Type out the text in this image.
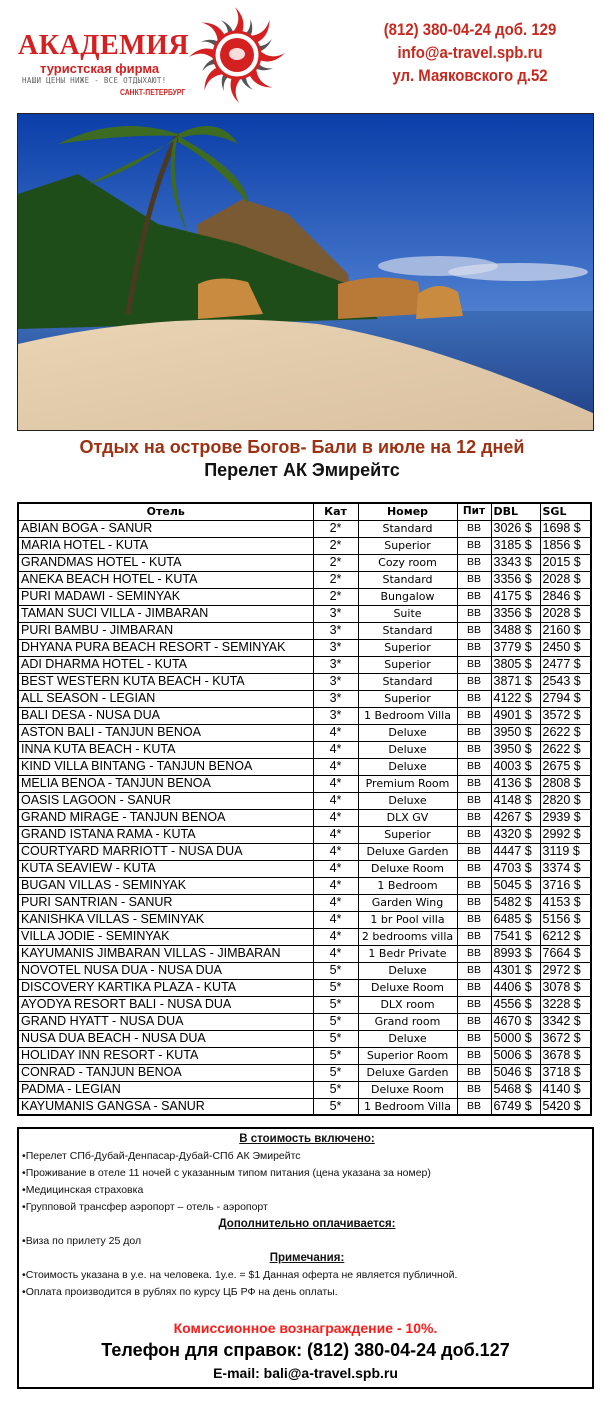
АКАДЕМИЯ
туристская фирма
НАШИ ЦЕНЫ НИЖЕ - ВСЕ ОТДЫХАЮТ!
САНКТ-ПЕТЕРБУРГ
(812) 380-04-24 доб. 129
info@a-travel.spb.ru
ул. Маяковского д.52
Отдых на острове Богов- Бали в июле на 12 дней
Перелет АК Эмирейтс
Отель	Кат	Номер	Пит	DBL	SGL
ABIAN BOGA - SANUR	2*	Standard	BB	3026 $	1698 $
MARIA HOTEL - KUTA	2*	Superior	BB	3185 $	1856 $
GRANDMAS HOTEL - KUTA	2*	Cozy room	BB	3343 $	2015 $
ANEKA BEACH HOTEL - KUTA	2*	Standard	BB	3356 $	2028 $
PURI MADAWI - SEMINYAK	2*	Bungalow	BB	4175 $	2846 $
TAMAN SUCI VILLA - JIMBARAN	3*	Suite	BB	3356 $	2028 $
PURI BAMBU - JIMBARAN	3*	Standard	BB	3488 $	2160 $
DHYANA PURA BEACH RESORT - SEMINYAK	3*	Superior	BB	3779 $	2450 $
ADI DHARMA HOTEL - KUTA	3*	Superior	BB	3805 $	2477 $
BEST WESTERN KUTA BEACH - KUTA	3*	Standard	BB	3871 $	2543 $
ALL SEASON - LEGIAN	3*	Superior	BB	4122 $	2794 $
BALI DESA - NUSA DUA	3*	1 Bedroom Villa	BB	4901 $	3572 $
ASTON BALI - TANJUN BENOA	4*	Deluxe	BB	3950 $	2622 $
INNA KUTA BEACH - KUTA	4*	Deluxe	BB	3950 $	2622 $
KIND VILLA BINTANG - TANJUN BENOA	4*	Deluxe	BB	4003 $	2675 $
MELIA BENOA - TANJUN BENOA	4*	Premium Room	BB	4136 $	2808 $
OASIS LAGOON - SANUR	4*	Deluxe	BB	4148 $	2820 $
GRAND MIRAGE - TANJUN BENOA	4*	DLX GV	BB	4267 $	2939 $
GRAND ISTANA RAMA - KUTA	4*	Superior	BB	4320 $	2992 $
COURTYARD MARRIOTT - NUSA DUA	4*	Deluxe Garden	BB	4447 $	3119 $
KUTA SEAVIEW - KUTA	4*	Deluxe Room	BB	4703 $	3374 $
BUGAN VILLAS - SEMINYAK	4*	1 Bedroom	BB	5045 $	3716 $
PURI SANTRIAN - SANUR	4*	Garden Wing	BB	5482 $	4153 $
KANISHKA VILLAS - SEMINYAK	4*	1 br Pool villa	BB	6485 $	5156 $
VILLA JODIE - SEMINYAK	4*	2 bedrooms villa	BB	7541 $	6212 $
KAYUMANIS JIMBARAN VILLAS - JIMBARAN	4*	1 Bedr Private	BB	8993 $	7664 $
NOVOTEL NUSA DUA - NUSA DUA	5*	Deluxe	BB	4301 $	2972 $
DISCOVERY KARTIKA PLAZA - KUTA	5*	Deluxe Room	BB	4406 $	3078 $
AYODYA RESORT BALI - NUSA DUA	5*	DLX room	BB	4556 $	3228 $
GRAND HYATT - NUSA DUA	5*	Grand room	BB	4670 $	3342 $
NUSA DUA BEACH - NUSA DUA	5*	Deluxe	BB	5000 $	3672 $
HOLIDAY INN RESORT - KUTA	5*	Superior Room	BB	5006 $	3678 $
CONRAD - TANJUN BENOA	5*	Deluxe Garden	BB	5046 $	3718 $
PADMA - LEGIAN	5*	Deluxe Room	BB	5468 $	4140 $
KAYUMANIS GANGSA - SANUR	5*	1 Bedroom Villa	BB	6749 $	5420 $
В стоимость включено:
• Перелет СПб-Дубай-Денпасар-Дубай-СПб АК Эмирейтс
• Проживание в отеле 11 ночей с указанным типом питания (цена указана за номер)
• Медицинская страховка
• Групповой трансфер аэропорт – отель - аэропорт
Дополнительно оплачивается:
• Виза по прилету 25 дол
Примечания:
• Стоимость указана в у.е. на человека. 1у.е. = $1 Данная оферта не является публичной.
• Оплата производится в рублях по курсу ЦБ РФ на день оплаты.
Комиссионное вознаграждение - 10%.
Телефон для справок: (812) 380-04-24 доб.127
E-mail: bali@a-travel.spb.ru
